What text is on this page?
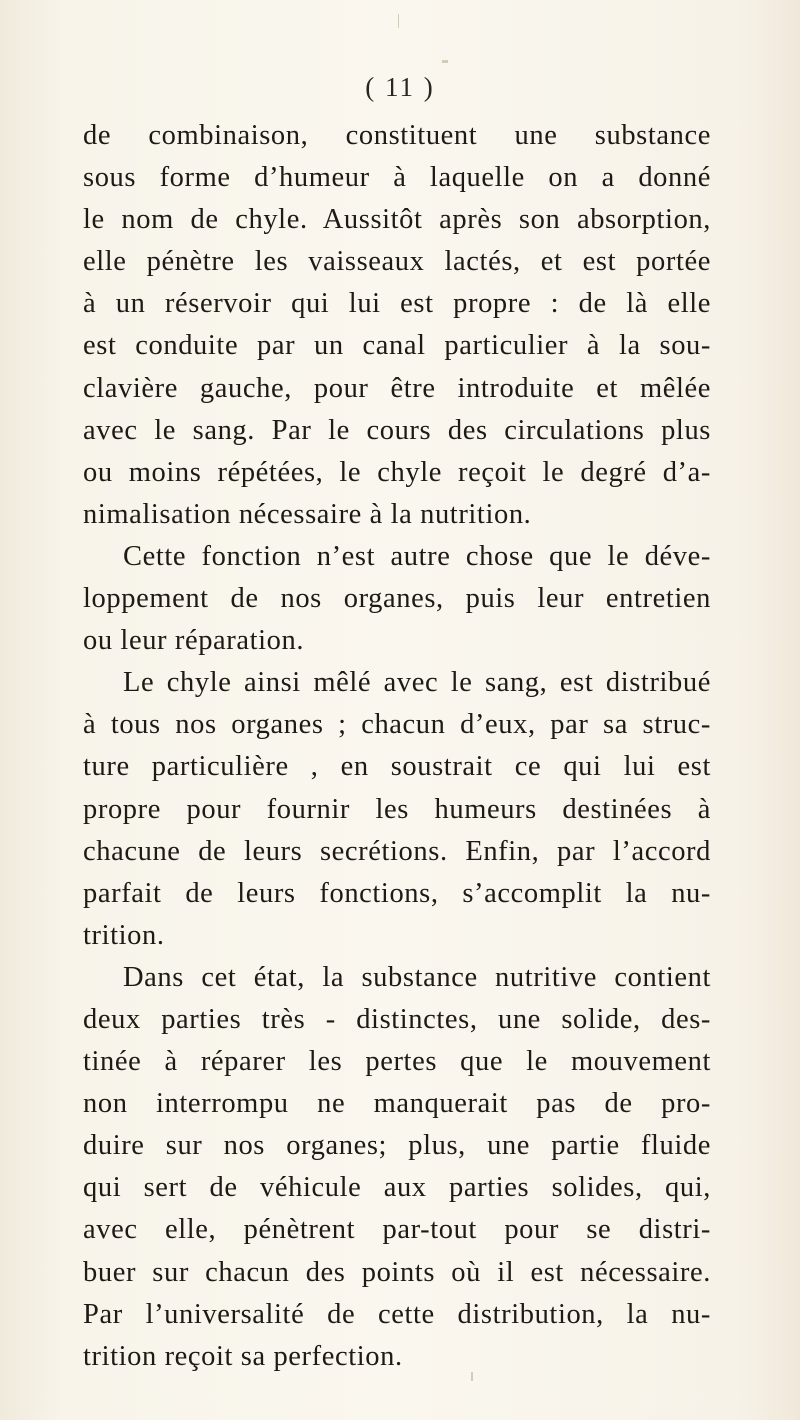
( 11 )
de combinaison, constituent une substance
sous forme d’humeur à laquelle on a donné
le nom de chyle. Aussitôt après son absorption,
elle pénètre les vaisseaux lactés, et est portée
à un réservoir qui lui est propre : de là elle
est conduite par un canal particulier à la sou-
clavière gauche, pour être introduite et mêlée
avec le sang. Par le cours des circulations plus
ou moins répétées, le chyle reçoit le degré d’a-
nimalisation nécessaire à la nutrition.
Cette fonction n’est autre chose que le déve-
loppement de nos organes, puis leur entretien
ou leur réparation.
Le chyle ainsi mêlé avec le sang, est distribué
à tous nos organes ; chacun d’eux, par sa struc-
ture particulière , en soustrait ce qui lui est
propre pour fournir les humeurs destinées à
chacune de leurs secrétions. Enfin, par l’accord
parfait de leurs fonctions, s’accomplit la nu-
trition.
Dans cet état, la substance nutritive contient
deux parties très - distinctes, une solide, des-
tinée à réparer les pertes que le mouvement
non interrompu ne manquerait pas de pro-
duire sur nos organes; plus, une partie fluide
qui sert de véhicule aux parties solides, qui,
avec elle, pénètrent par-tout pour se distri-
buer sur chacun des points où il est nécessaire.
Par l’universalité de cette distribution, la nu-
trition reçoit sa perfection.
